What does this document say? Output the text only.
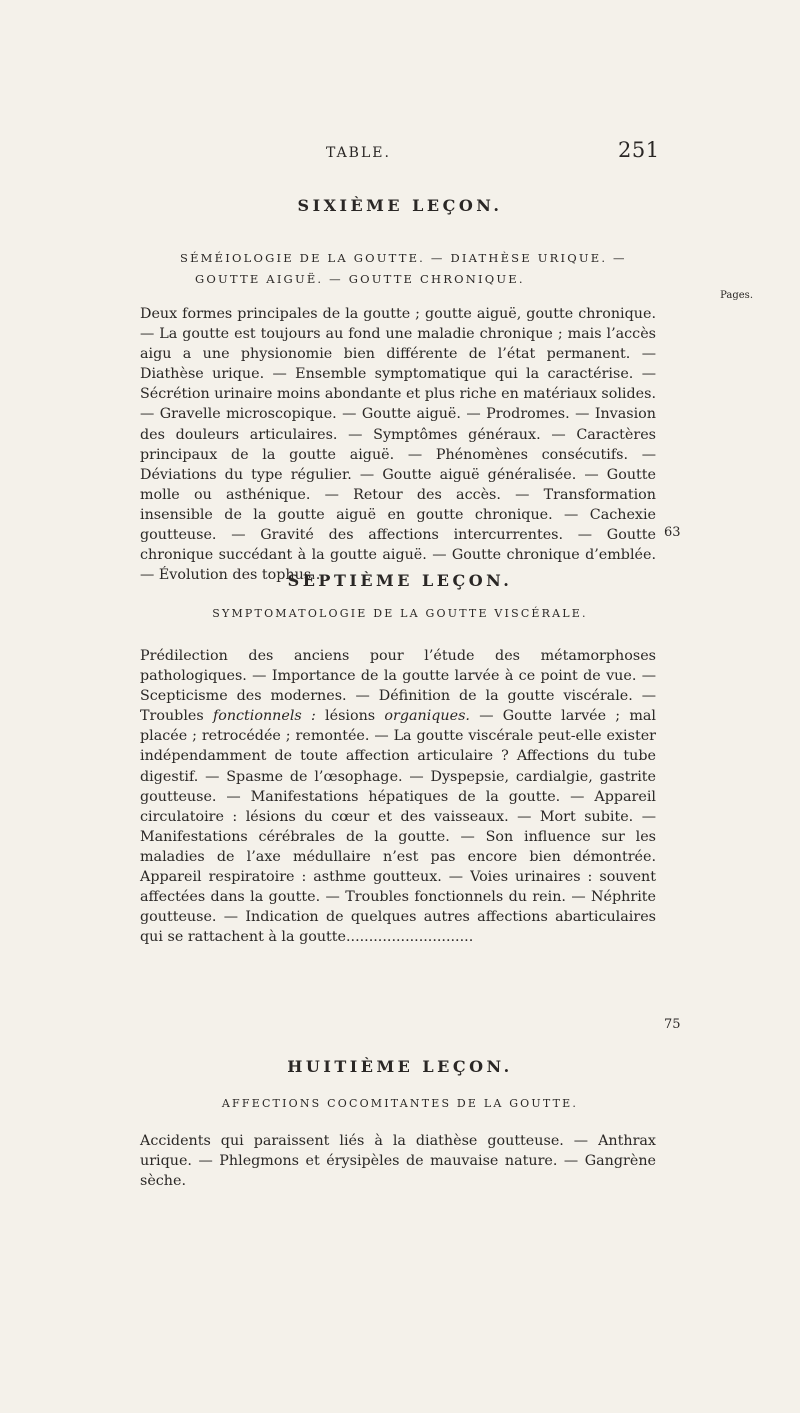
TABLE.	251
SIXIÈME LEÇON.

SÉMÉIOLOGIE DE LA GOUTTE. — DIATHÈSE URIQUE. — GOUTTE AIGUË. — GOUTTE CHRONIQUE.

Pages.

Deux formes principales de la goutte ; goutte aiguë, goutte chronique. — La goutte est toujours au fond une maladie chronique ; mais l’accès aigu a une physionomie bien différente de l’état permanent. — Diathèse urique. — Ensemble symptomatique qui la caractérise. — Sécrétion urinaire moins abondante et plus riche en matériaux solides. — Gravelle microscopique. — Goutte aiguë. — Prodromes. — Invasion des douleurs articulaires. — Symptômes généraux. — Caractères principaux de la goutte aiguë. — Phénomènes consécutifs. — Déviations du type régulier. — Goutte aiguë généralisée. — Goutte molle ou asthénique. — Retour des accès. — Transformation insensible de la goutte aiguë en goutte chronique. — Cachexie goutteuse. — Gravité des affections intercurrentes. — Goutte chronique succédant à la goutte aiguë. — Goutte chronique d’emblée. — Évolution des tophus..

63
SEPTIÈME LEÇON.

SYMPTOMATOLOGIE DE LA GOUTTE VISCÉRALE.

Prédilection des anciens pour l’étude des métamorphoses pathologiques. — Importance de la goutte larvée à ce point de vue. — Scepticisme des modernes. — Définition de la goutte viscérale. — Troubles fonctionnels : lésions organiques. — Goutte larvée ; mal placée ; retrocédée ; remontée. — La goutte viscérale peut-elle exister indépendamment de toute affection articulaire ? Affections du tube digestif. — Spasme de l’œsophage. — Dyspepsie, cardialgie, gastrite goutteuse. — Manifestations hépatiques de la goutte. — Appareil circulatoire : lésions du cœur et des vaisseaux. — Mort subite. — Manifestations cérébrales de la goutte. — Son influence sur les maladies de l’axe médullaire n’est pas encore bien démontrée. Appareil respiratoire : asthme goutteux. — Voies urinaires : souvent affectées dans la goutte. — Troubles fonctionnels du rein. — Néphrite goutteuse. — Indication de quelques autres affections abarticulaires qui se rattachent à la goutte............................

75
HUITIÈME LEÇON.

AFFECTIONS COCOMITANTES DE LA GOUTTE.

Accidents qui paraissent liés à la diathèse goutteuse. — Anthrax urique. — Phlegmons et érysipèles de mauvaise nature. — Gangrène sèche.
